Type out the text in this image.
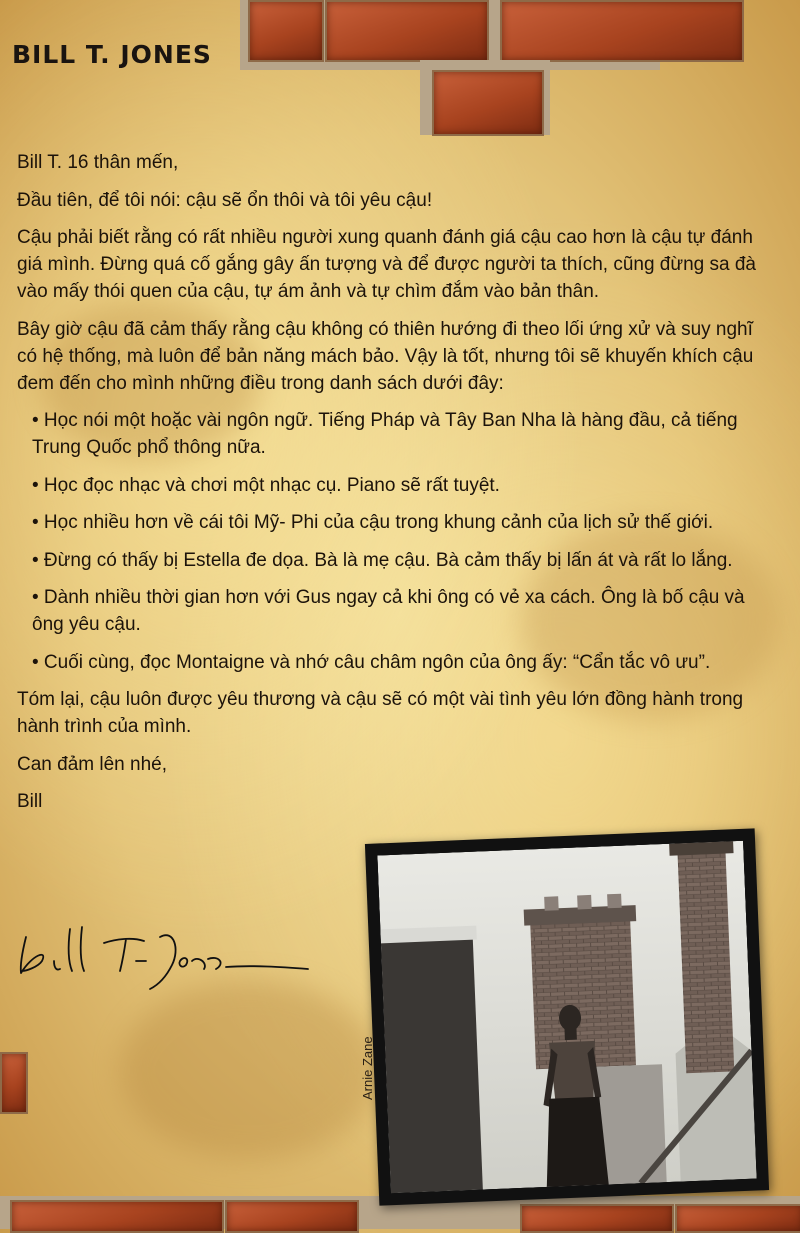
BILL T. JONES

Bill T. 16 thân mến,

Đầu tiên, để tôi nói: cậu sẽ ổn thôi và tôi yêu cậu!

Cậu phải biết rằng có rất nhiều người xung quanh đánh giá cậu cao hơn là cậu tự đánh giá mình. Đừng quá cố gắng gây ấn tượng và để được người ta thích, cũng đừng sa đà vào mấy thói quen của cậu, tự ám ảnh và tự chìm đắm vào bản thân.

Bây giờ cậu đã cảm thấy rằng cậu không có thiên hướng đi theo lối ứng xử và suy nghĩ có hệ thống, mà luôn để bản năng mách bảo. Vậy là tốt, nhưng tôi sẽ khuyến khích cậu đem đến cho mình những điều trong danh sách dưới đây:

• Học nói một hoặc vài ngôn ngữ. Tiếng Pháp và Tây Ban Nha là hàng đầu, cả tiếng Trung Quốc phổ thông nữa.

• Học đọc nhạc và chơi một nhạc cụ. Piano sẽ rất tuyệt.

• Học nhiều hơn về cái tôi Mỹ- Phi của cậu trong khung cảnh của lịch sử thế giới.

• Đừng có thấy bị Estella đe dọa. Bà là mẹ cậu. Bà cảm thấy bị lấn át và rất lo lắng.

• Dành nhiều thời gian hơn với Gus ngay cả khi ông có vẻ xa cách. Ông là bố cậu và ông yêu cậu.

• Cuối cùng, đọc Montaigne và nhớ câu châm ngôn của ông ấy: “Cẩn tắc vô ưu”.

Tóm lại, cậu luôn được yêu thương và cậu sẽ có một vài tình yêu lớn đồng hành trong hành trình của mình.

Can đảm lên nhé,

Bill

Arnie Zane
